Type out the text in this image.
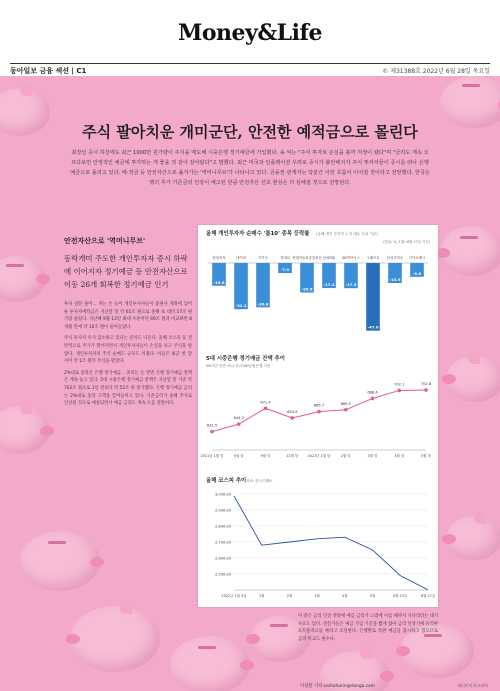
Money&Life
동아일보 금융 섹션 | C1	© 제31388호 2022년 6월 28일 목요일
주식 팔아치운 개미군단, 안전한 예적금으로 몰린다
최장인 증시 하강에도 최근 1000만 원가량이 주식을 매도해 시중은행 정기예금에 가입했다. 송 씨는 "주식 투자로 손실을 볼까 걱정이 됐다"며 "금리도 계속 오르다보면 안정적인 예금에 투자하는 게 좋을 것 같아 갈아탔다"고 말했다. 최근 미국과 인플레이션 우려로 증시가 불안해지자 주식 투자자들이 증시를 떠나 은행 예금으로 몰리고 있다. 예·적금 등 안전자산으로 옮겨가는 '역머니무브'가 나타나고 있다. 금융권 관계자는 당분간 이런 흐름이 이어질 것이라고 전망했다. 한국은행의 추가 기준금리 인상이 예고된 만큼 안전자산 선호 현상은 더 심해질 것으로 전망된다.
안전자산으로 '역머니무브'
동학개미 주도한 개인투자자 증시 하락에 이어지자 정기예금 등 안전자산으로 이동 26개 회복한 정기예금 인기
투자 실탄 줄어... 파는 손 늘어 개인투자자들이 증권사 계좌에 넣어둔 투자자예탁금은 지난달 말 약 61조 원으로 올해 초 대비 17조 원가량 줄었다. 지난해 9월 13일 최대 수준이던 69조 원과 비교하면 8개월 만에 약 10조 원이 줄어들었다.
주식 투자자 수가 감소하고 있다는 분석도 나온다. 올해 코스피 등 전반적으로 주가가 떨어지면서 개인투자자들이 손실을 보고 주식을 팔았다. 개인투자자의 주식 순매도 규모도 커졌다. 이들은 최근 한 달 사이 약 1조 원의 주식을 팔았다.
2%대로 올라온 은행 정기예금... 몰리는 돈 반면 은행 정기예금 잔액은 계속 늘고 있다. 5대 시중은행 정기예금 잔액은 지난달 말 기준 약 702조 원으로 1년 전보다 약 52조 원 증가했다. 은행 정기예금 금리는 2%대로 올라 고객을 끌어들이고 있다. 기준금리가 올해 추가로 인상될 것으로 예상되면서 예금 금리도 계속 오를 전망이다.
올해 개인투자자 순매수 '톱10' 종목 등락률 (올해 개인 투자자 누적 매수 순위 기준)
(단위: %, 1월~6월 27일 기준)
삼성전자
-15.8
네이버
-32.1
카카오
-30.8
현대차
-7.0
현대자동차중앙물산
-20.5
삼성SDI
-17.4
SK하이닉스
-17.5
크래프톤
-47.0
삼성전자우
-13.9
카카오뱅크
-9.6
5대 시중은행 정기예금 잔액 추이
KB국민·신한·하나·우리·NH농협은행 기준
631.5
2021년 1월 말
644.3
5월 말
671.4
9월 말
654.9
12월 말
665.7
2022년 1월 말
669.0
2월 말
688.4
3월 말
702.1
4월 말
702.8
5월 말
올해 코스피 추이 자료: 한국거래소
3,000.00
2,900.00
2,800.00
2,700.00
2,600.00
2,500.00
2022년 1월 3일	1월	2월	3월	4월	5월	6월 13일	6월 27일
이 같은 금리 인상 전망에 예금 금리가 고점에 이를 때까지 기다리려는 대기 수요도 있다. 전문가들은 예금 가입 기간을 짧게 잡아 금리 인상기에 유리한 포트폴리오를 짜라고 조언한다. 은행별로 특판 예금을 출시하고 있으므로 금리 비교도 필수다.
이상환 기자 ssshaharin@donga.com	게티이미지코리아
